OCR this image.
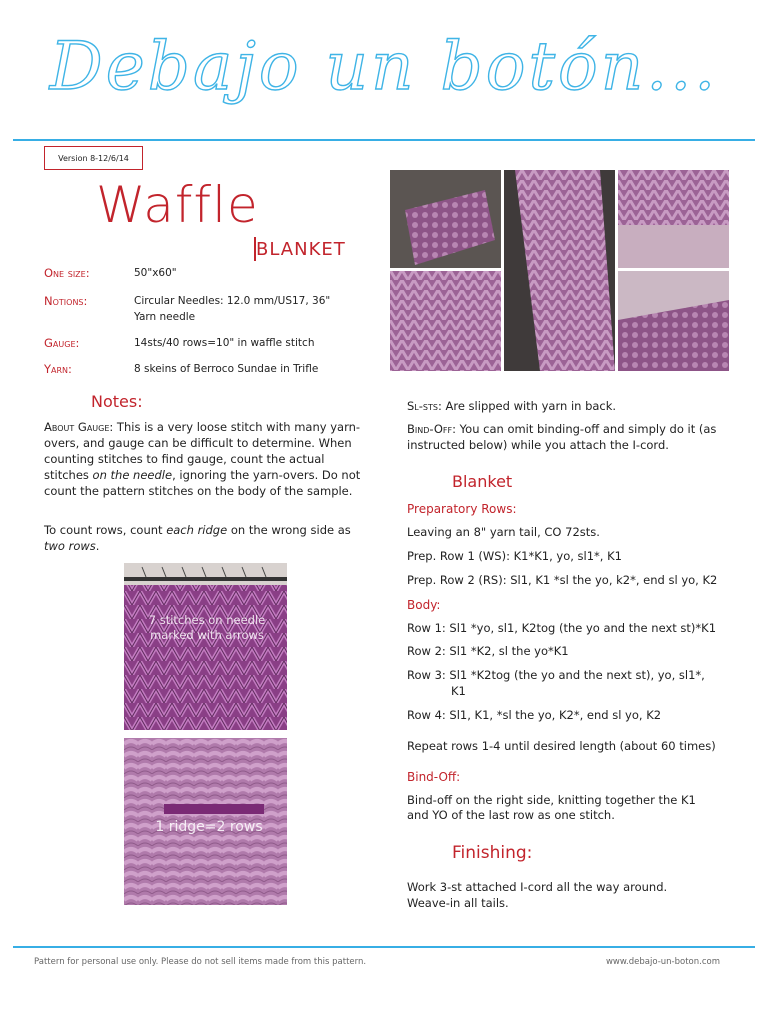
Debajo un botón...
Version 8-12/6/14
Waffle
BLANKET
One size:	50"x60"
Notions:	Circular Needles: 12.0 mm/US17, 36"
Yarn needle
Gauge:	14sts/40 rows=10" in waffle stitch
Yarn:	8 skeins of Berroco Sundae in Trifle
Notes:
About Gauge: This is a very loose stitch with many yarn-overs, and gauge can be difficult to determine. When counting stitches to find gauge, count the actual stitches on the needle, ignoring the yarn-overs. Do not count the pattern stitches on the body of the sample.
To count rows, count each ridge on the wrong side as two rows.
7 stitches on needle marked with arrows
1 ridge=2 rows
Sl-sts: Are slipped with yarn in back.
Bind-Off: You can omit binding-off and simply do it (as instructed below) while you attach the I-cord.
Blanket
Preparatory Rows:
Leaving an 8" yarn tail, CO 72sts.
Prep. Row 1 (WS): K1*K1, yo, sl1*, K1
Prep. Row 2 (RS): Sl1, K1 *sl the yo, k2*, end sl yo, K2
Body:
Row 1: Sl1 *yo, sl1, K2tog (the yo and the next st)*K1
Row 2: Sl1 *K2, sl the yo*K1
Row 3: Sl1 *K2tog (the yo and the next st), yo, sl1*,
K1
Row 4: Sl1, K1, *sl the yo, K2*, end sl yo, K2
Repeat rows 1-4 until desired length (about 60 times)
Bind-Off:
Bind-off on the right side, knitting together the K1
and YO of the last row as one stitch.
Finishing:
Work 3-st attached I-cord all the way around.
Weave-in all tails.
Pattern for personal use only. Please do not sell items made from this pattern.	www.debajo-un-boton.com
